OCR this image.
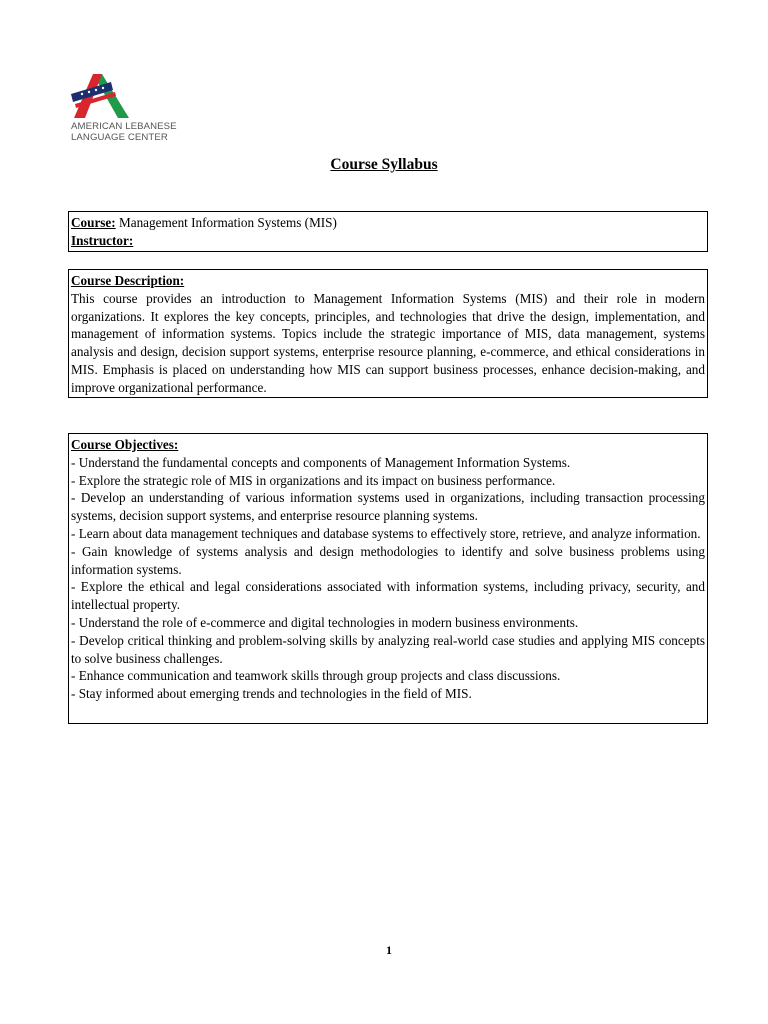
AMERICAN LEBANESE
LANGUAGE CENTER
Course Syllabus
Course: Management Information Systems (MIS)
Instructor:
Course Description:
This course provides an introduction to Management Information Systems (MIS) and their role in modern organizations. It explores the key concepts, principles, and technologies that drive the design, implementation, and management of information systems. Topics include the strategic importance of MIS, data management, systems analysis and design, decision support systems, enterprise resource planning, e-commerce, and ethical considerations in MIS. Emphasis is placed on understanding how MIS can support business processes, enhance decision-making, and improve organizational performance.
Course Objectives:
- Understand the fundamental concepts and components of Management Information Systems.
- Explore the strategic role of MIS in organizations and its impact on business performance.
- Develop an understanding of various information systems used in organizations, including transaction processing systems, decision support systems, and enterprise resource planning systems.
- Learn about data management techniques and database systems to effectively store, retrieve, and analyze information.
- Gain knowledge of systems analysis and design methodologies to identify and solve business problems using information systems.
- Explore the ethical and legal considerations associated with information systems, including privacy, security, and intellectual property.
- Understand the role of e-commerce and digital technologies in modern business environments.
- Develop critical thinking and problem-solving skills by analyzing real-world case studies and applying MIS concepts to solve business challenges.
- Enhance communication and teamwork skills through group projects and class discussions.
- Stay informed about emerging trends and technologies in the field of MIS.
1
